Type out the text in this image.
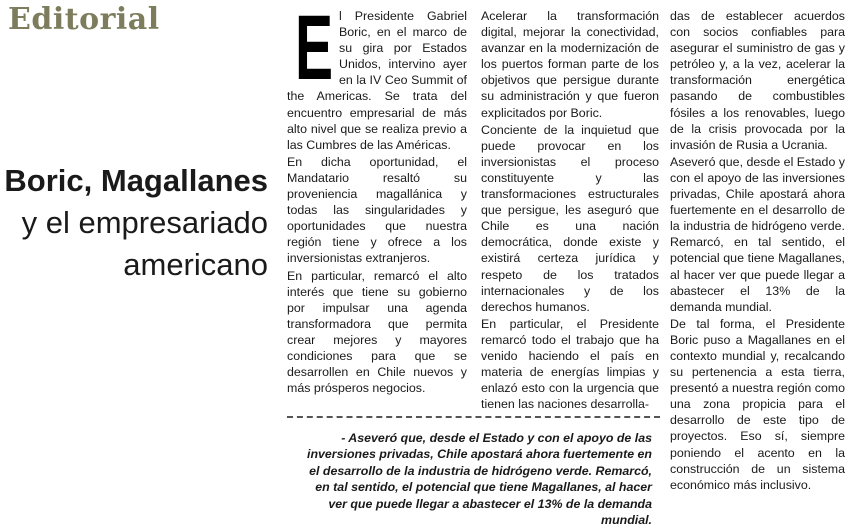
Editorial
Boric, Magallanes y el empresariado americano

El Presidente Gabriel Boric, en el marco de su gira por Estados Unidos, intervino ayer en la IV Ceo Summit of the Americas. Se trata del encuentro empresarial de más alto nivel que se realiza previo a las Cumbres de las Américas.

En dicha oportunidad, el Mandatario resaltó su proveniencia magallánica y todas las singularidades y oportunidades que nuestra región tiene y ofrece a los inversionistas extranjeros.

En particular, remarcó el alto interés que tiene su gobierno por impulsar una agenda transformadora que permita crear mejores y mayores condiciones para que se desarrollen en Chile nuevos y más prósperos negocios.

Acelerar la transformación digital, mejorar la conectividad, avanzar en la modernización de los puertos forman parte de los objetivos que persigue durante su administración y que fueron explicitados por Boric.

Conciente de la inquietud que puede provocar en los inversionistas el proceso constituyente y las transformaciones estructurales que persigue, les aseguró que Chile es una nación democrática, donde existe y existirá certeza jurídica y respeto de los tratados internacionales y de los derechos humanos.

En particular, el Presidente remarcó todo el trabajo que ha venido haciendo el país en materia de energías limpias y enlazó esto con la urgencia que tienen las naciones desarrolla-

das de establecer acuerdos con socios confiables para asegurar el suministro de gas y petróleo y, a la vez, acelerar la transformación energética pasando de combustibles fósiles a los renovables, luego de la crisis provocada por la invasión de Rusia a Ucrania.

Aseveró que, desde el Estado y con el apoyo de las inversiones privadas, Chile apostará ahora fuertemente en el desarrollo de la industria de hidrógeno verde. Remarcó, en tal sentido, el potencial que tiene Magallanes, al hacer ver que puede llegar a abastecer el 13% de la demanda mundial.

De tal forma, el Presidente Boric puso a Magallanes en el contexto mundial y, recalcando su pertenencia a esta tierra, presentó a nuestra región como una zona propicia para el desarrollo de este tipo de proyectos. Eso sí, siempre poniendo el acento en la construcción de un sistema económico más inclusivo.

- Aseveró que, desde el Estado y con el apoyo de las inversiones privadas, Chile apostará ahora fuertemente en el desarrollo de la industria de hidrógeno verde. Remarcó, en tal sentido, el potencial que tiene Magallanes, al hacer ver que puede llegar a abastecer el 13% de la demanda mundial.
